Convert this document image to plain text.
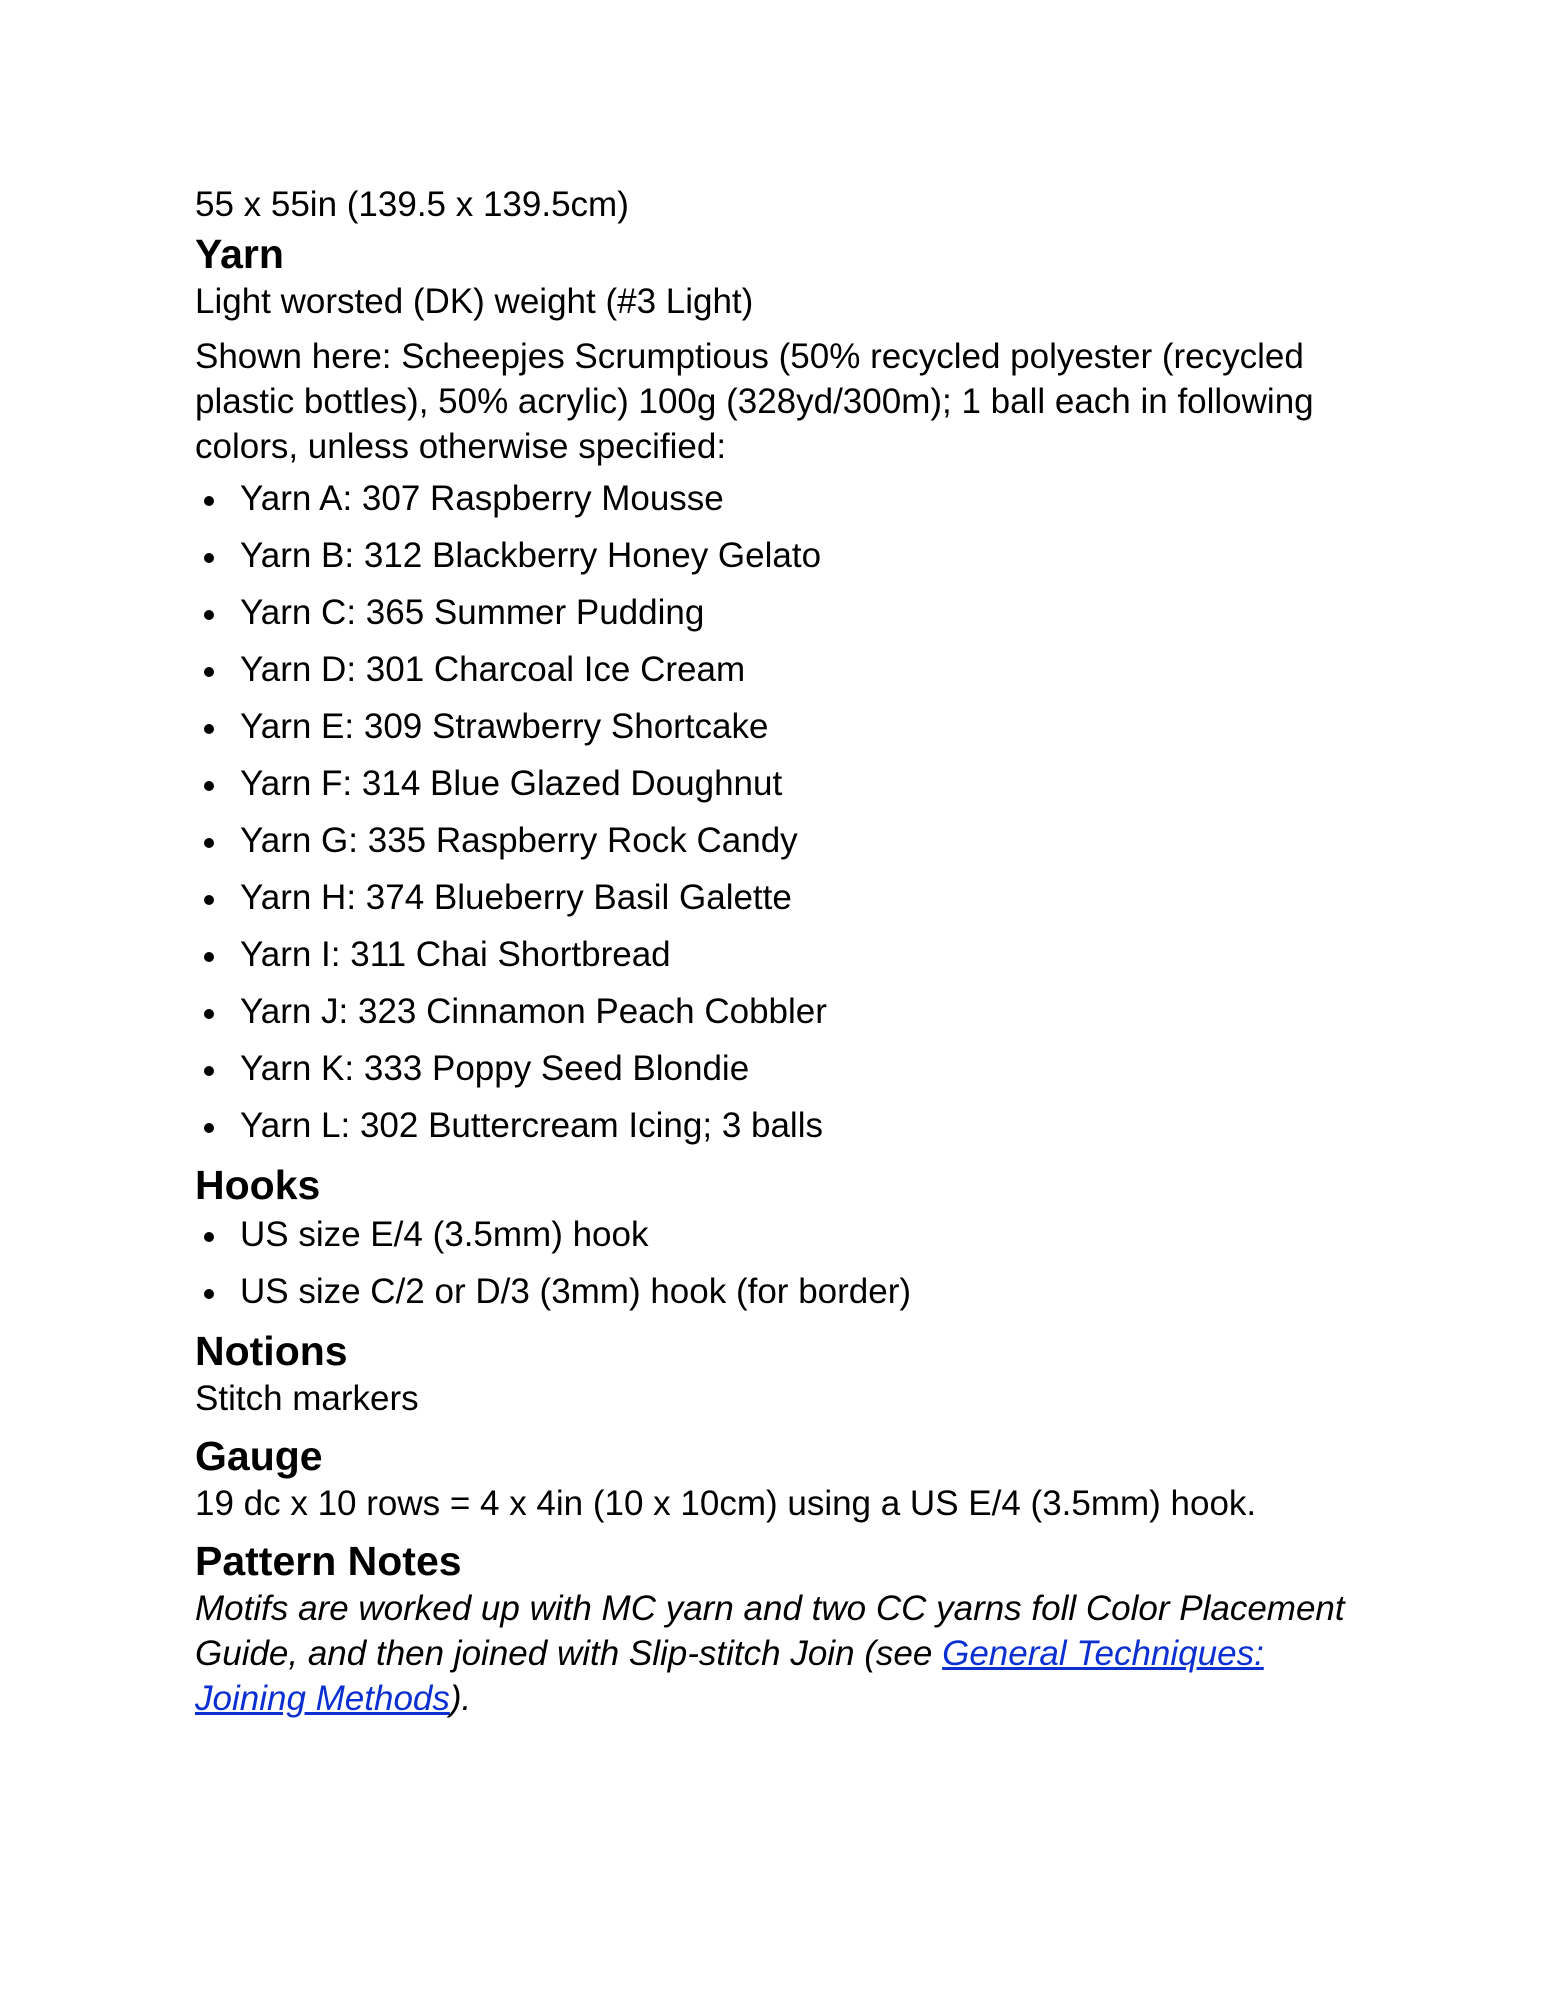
55 x 55in (139.5 x 139.5cm)

Yarn

Light worsted (DK) weight (#3 Light)

Shown here: Scheepjes Scrumptious (50% recycled polyester (recycled plastic bottles), 50% acrylic) 100g (328yd/300m); 1 ball each in following colors, unless otherwise specified:

Yarn A: 307 Raspberry Mousse
Yarn B: 312 Blackberry Honey Gelato
Yarn C: 365 Summer Pudding
Yarn D: 301 Charcoal Ice Cream
Yarn E: 309 Strawberry Shortcake
Yarn F: 314 Blue Glazed Doughnut
Yarn G: 335 Raspberry Rock Candy
Yarn H: 374 Blueberry Basil Galette
Yarn I: 311 Chai Shortbread
Yarn J: 323 Cinnamon Peach Cobbler
Yarn K: 333 Poppy Seed Blondie
Yarn L: 302 Buttercream Icing; 3 balls
Hooks
US size E/4 (3.5mm) hook
US size C/2 or D/3 (3mm) hook (for border)
Notions

Stitch markers

Gauge

19 dc x 10 rows = 4 x 4in (10 x 10cm) using a US E/4 (3.5mm) hook.

Pattern Notes

Motifs are worked up with MC yarn and two CC yarns foll Color Placement Guide, and then joined with Slip-stitch Join (see General Techniques: Joining Methods).
